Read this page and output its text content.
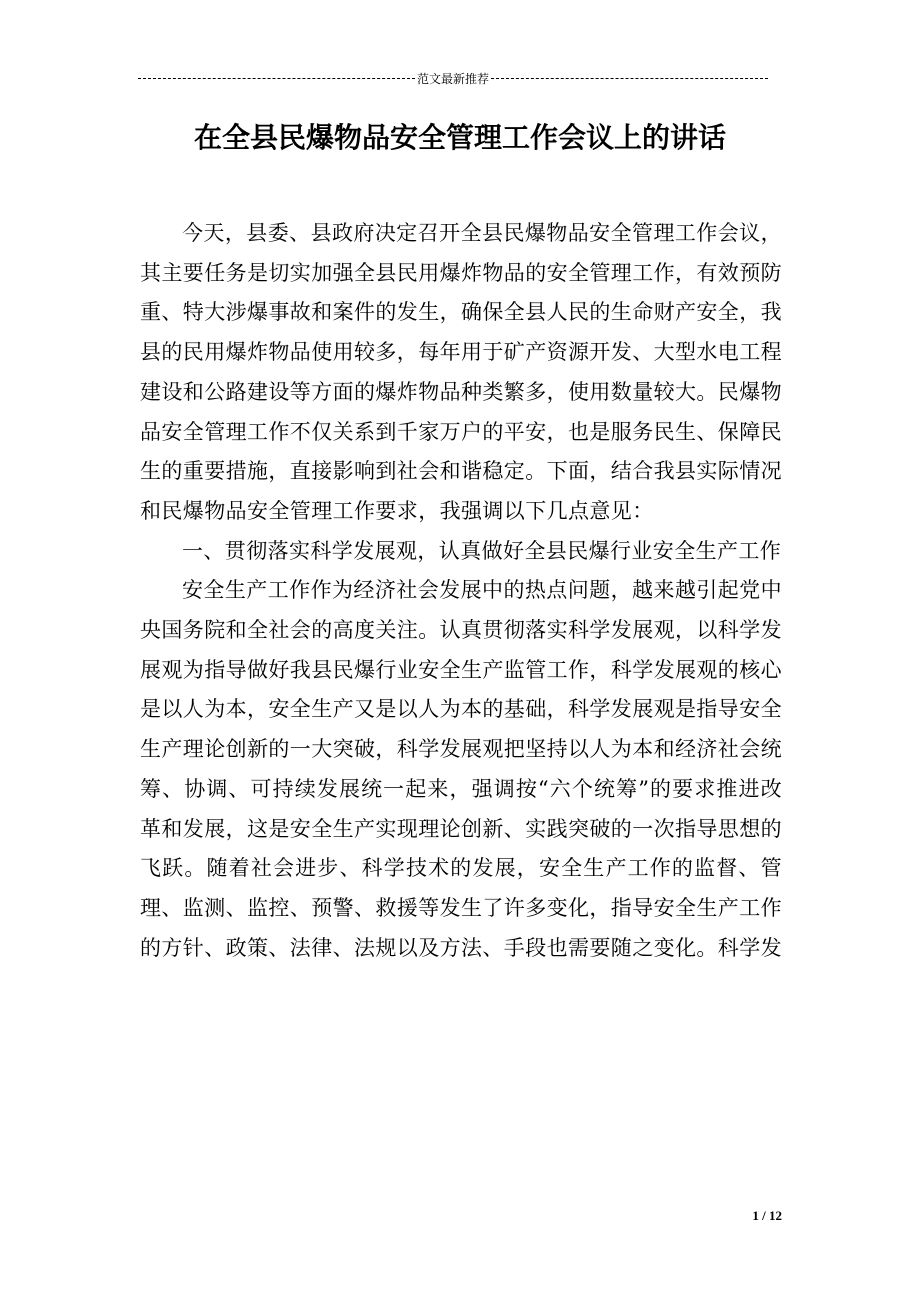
范文最新推荐
在全县民爆物品安全管理工作会议上的讲话

今天，县委、县政府决定召开全县民爆物品安全管理工作会议，其主要任务是切实加强全县民用爆炸物品的安全管理工作，有效预防重、特大涉爆事故和案件的发生，确保全县人民的生命财产安全，我县的民用爆炸物品使用较多，每年用于矿产资源开发、大型水电工程建设和公路建设等方面的爆炸物品种类繁多，使用数量较大。民爆物品安全管理工作不仅关系到千家万户的平安，也是服务民生、保障民生的重要措施，直接影响到社会和谐稳定。下面，结合我县实际情况和民爆物品安全管理工作要求，我强调以下几点意见：

一、贯彻落实科学发展观，认真做好全县民爆行业安全生产工作

安全生产工作作为经济社会发展中的热点问题，越来越引起党中央国务院和全社会的高度关注。认真贯彻落实科学发展观，以科学发展观为指导做好我县民爆行业安全生产监管工作，科学发展观的核心是以人为本，安全生产又是以人为本的基础，科学发展观是指导安全生产理论创新的一大突破，科学发展观把坚持以人为本和经济社会统筹、协调、可持续发展统一起来，强调按“六个统筹”的要求推进改革和发展，这是安全生产实现理论创新、实践突破的一次指导思想的飞跃。随着社会进步、科学技术的发展，安全生产工作的监督、管理、监测、监控、预警、救援等发生了许多变化，指导安全生产工作的方针、政策、法律、法规以及方法、手段也需要随之变化。科学发

1 / 12
